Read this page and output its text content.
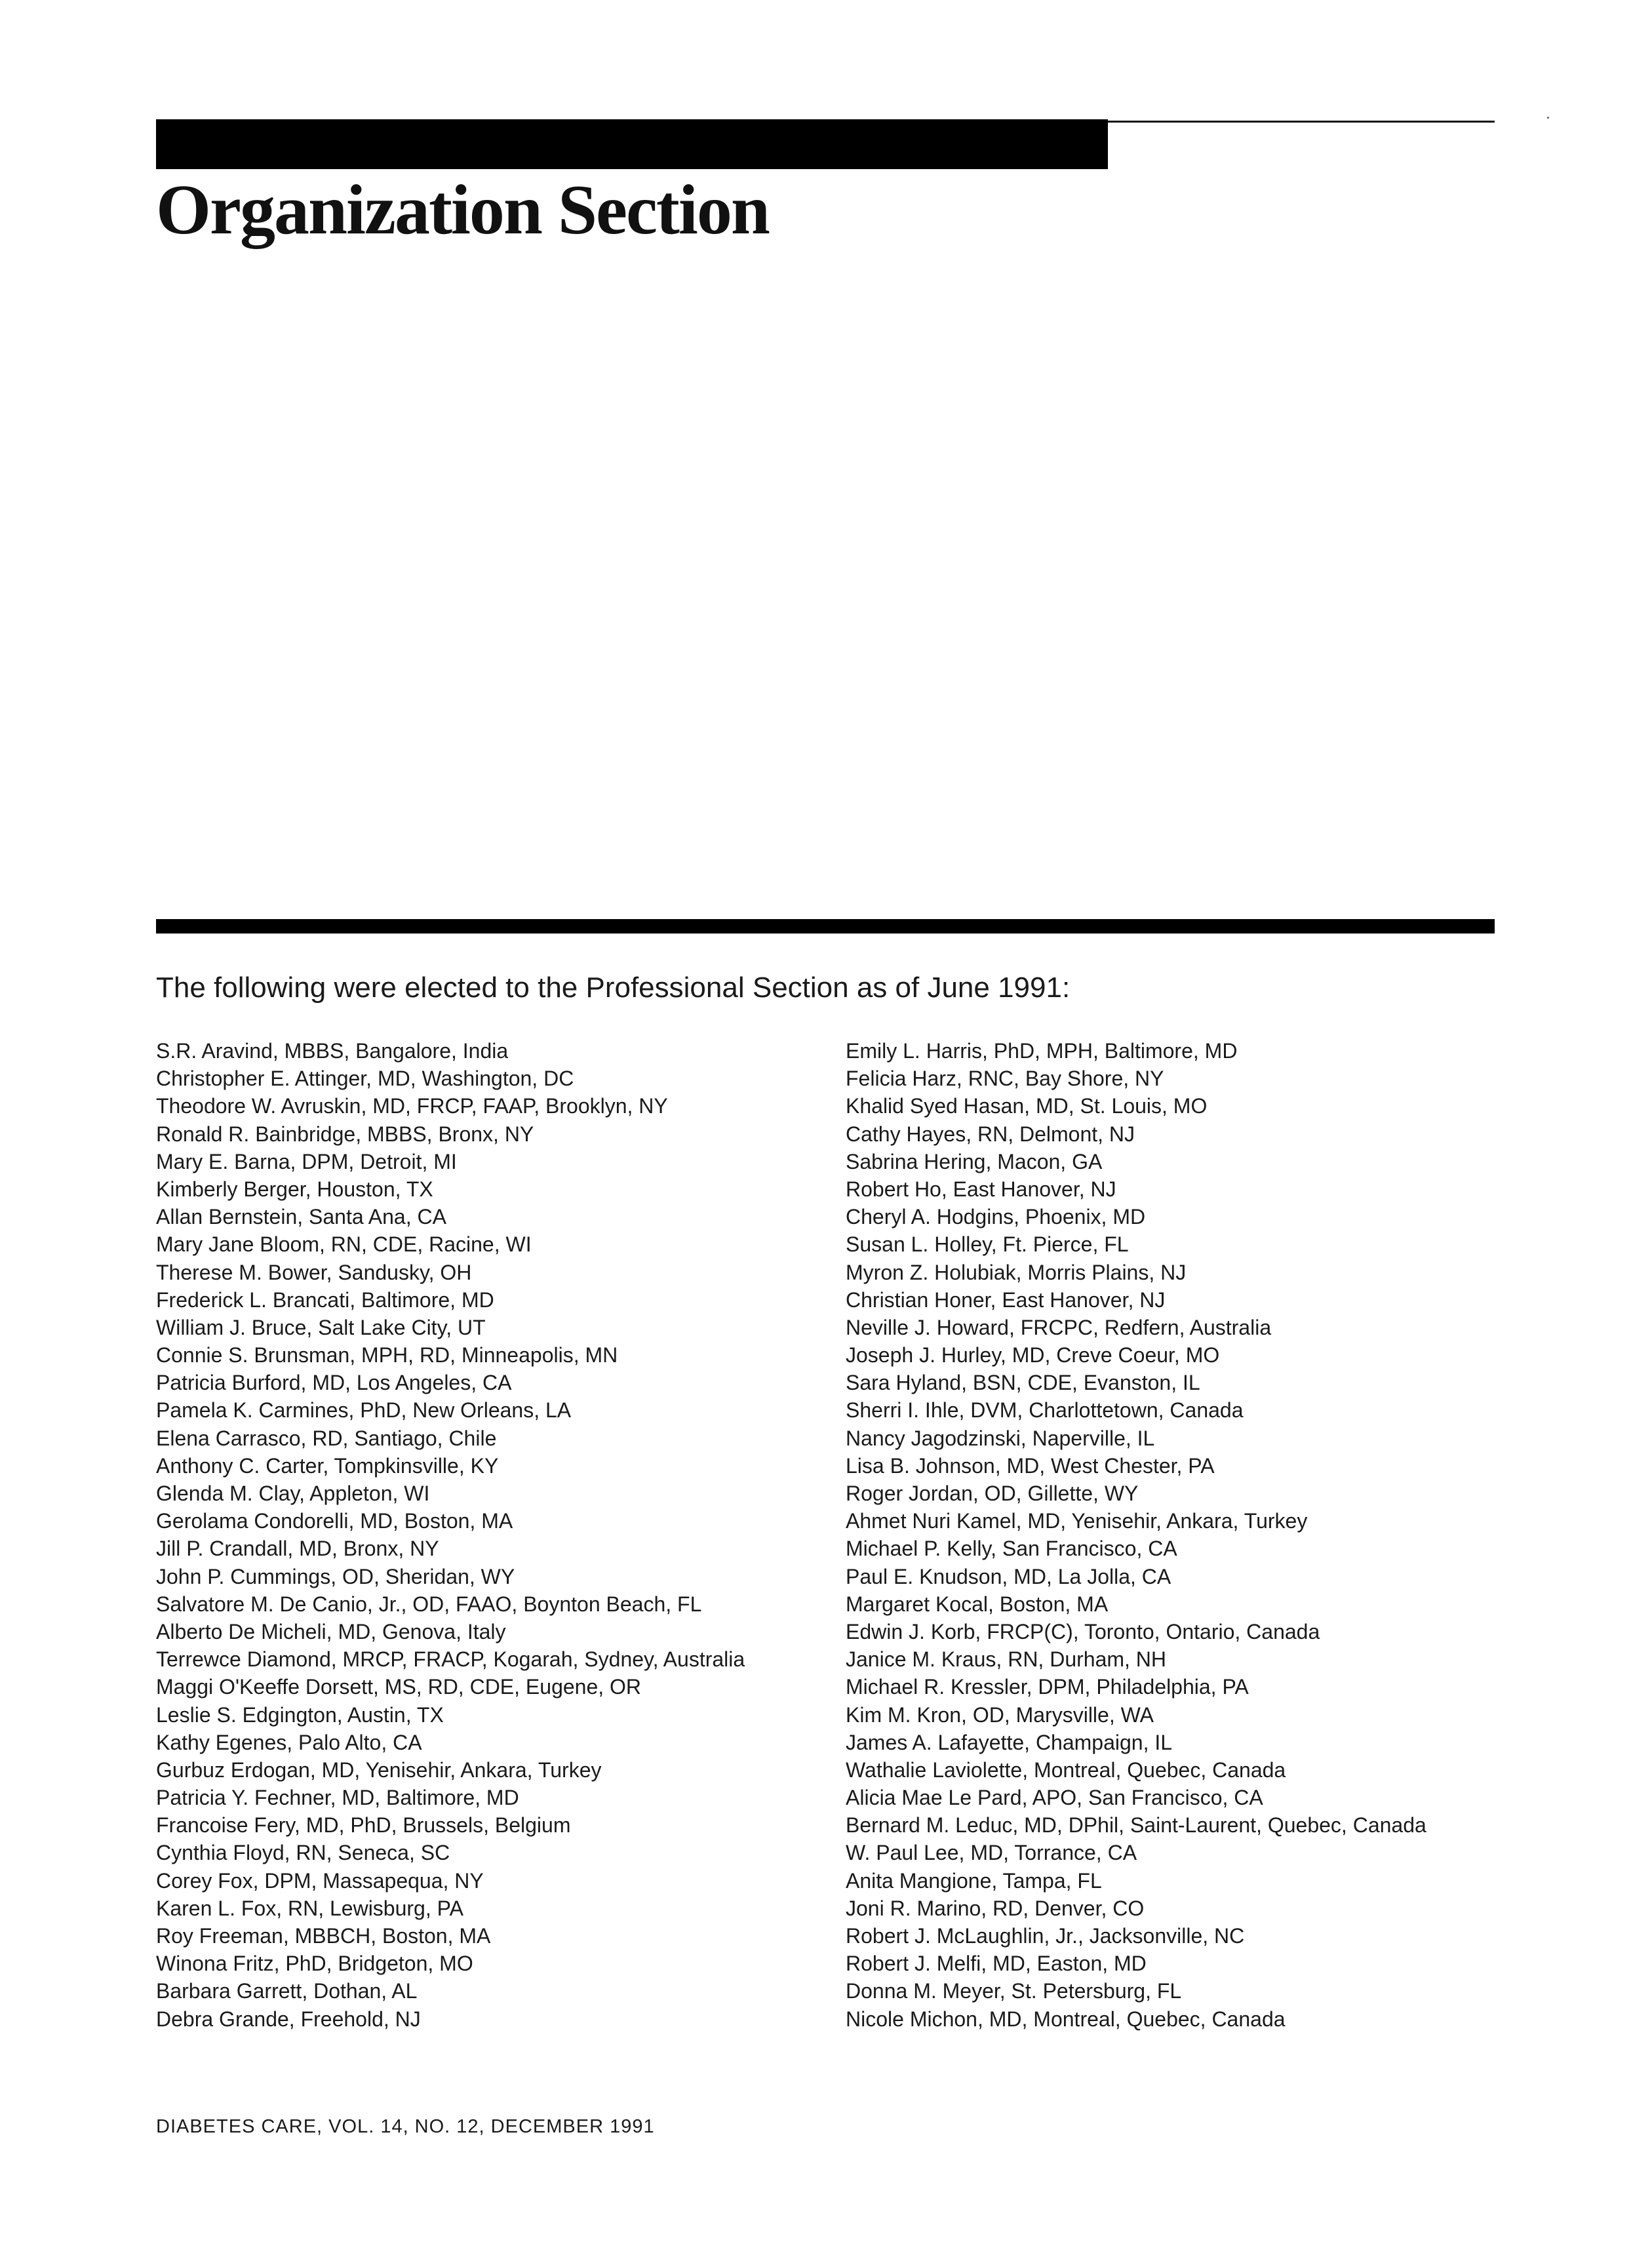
Organization Section

The following were elected to the Professional Section as of June 1991:

S.R. Aravind, MBBS, Bangalore, India
Christopher E. Attinger, MD, Washington, DC
Theodore W. Avruskin, MD, FRCP, FAAP, Brooklyn, NY
Ronald R. Bainbridge, MBBS, Bronx, NY
Mary E. Barna, DPM, Detroit, MI
Kimberly Berger, Houston, TX
Allan Bernstein, Santa Ana, CA
Mary Jane Bloom, RN, CDE, Racine, WI
Therese M. Bower, Sandusky, OH
Frederick L. Brancati, Baltimore, MD
William J. Bruce, Salt Lake City, UT
Connie S. Brunsman, MPH, RD, Minneapolis, MN
Patricia Burford, MD, Los Angeles, CA
Pamela K. Carmines, PhD, New Orleans, LA
Elena Carrasco, RD, Santiago, Chile
Anthony C. Carter, Tompkinsville, KY
Glenda M. Clay, Appleton, WI
Gerolama Condorelli, MD, Boston, MA
Jill P. Crandall, MD, Bronx, NY
John P. Cummings, OD, Sheridan, WY
Salvatore M. De Canio, Jr., OD, FAAO, Boynton Beach, FL
Alberto De Micheli, MD, Genova, Italy
Terrewce Diamond, MRCP, FRACP, Kogarah, Sydney, Australia
Maggi O'Keeffe Dorsett, MS, RD, CDE, Eugene, OR
Leslie S. Edgington, Austin, TX
Kathy Egenes, Palo Alto, CA
Gurbuz Erdogan, MD, Yenisehir, Ankara, Turkey
Patricia Y. Fechner, MD, Baltimore, MD
Francoise Fery, MD, PhD, Brussels, Belgium
Cynthia Floyd, RN, Seneca, SC
Corey Fox, DPM, Massapequa, NY
Karen L. Fox, RN, Lewisburg, PA
Roy Freeman, MBBCH, Boston, MA
Winona Fritz, PhD, Bridgeton, MO
Barbara Garrett, Dothan, AL
Debra Grande, Freehold, NJ
Emily L. Harris, PhD, MPH, Baltimore, MD
Felicia Harz, RNC, Bay Shore, NY
Khalid Syed Hasan, MD, St. Louis, MO
Cathy Hayes, RN, Delmont, NJ
Sabrina Hering, Macon, GA
Robert Ho, East Hanover, NJ
Cheryl A. Hodgins, Phoenix, MD
Susan L. Holley, Ft. Pierce, FL
Myron Z. Holubiak, Morris Plains, NJ
Christian Honer, East Hanover, NJ
Neville J. Howard, FRCPC, Redfern, Australia
Joseph J. Hurley, MD, Creve Coeur, MO
Sara Hyland, BSN, CDE, Evanston, IL
Sherri I. Ihle, DVM, Charlottetown, Canada
Nancy Jagodzinski, Naperville, IL
Lisa B. Johnson, MD, West Chester, PA
Roger Jordan, OD, Gillette, WY
Ahmet Nuri Kamel, MD, Yenisehir, Ankara, Turkey
Michael P. Kelly, San Francisco, CA
Paul E. Knudson, MD, La Jolla, CA
Margaret Kocal, Boston, MA
Edwin J. Korb, FRCP(C), Toronto, Ontario, Canada
Janice M. Kraus, RN, Durham, NH
Michael R. Kressler, DPM, Philadelphia, PA
Kim M. Kron, OD, Marysville, WA
James A. Lafayette, Champaign, IL
Wathalie Laviolette, Montreal, Quebec, Canada
Alicia Mae Le Pard, APO, San Francisco, CA
Bernard M. Leduc, MD, DPhil, Saint-Laurent, Quebec, Canada
W. Paul Lee, MD, Torrance, CA
Anita Mangione, Tampa, FL
Joni R. Marino, RD, Denver, CO
Robert J. McLaughlin, Jr., Jacksonville, NC
Robert J. Melfi, MD, Easton, MD
Donna M. Meyer, St. Petersburg, FL
Nicole Michon, MD, Montreal, Quebec, Canada

DIABETES CARE, VOL. 14, NO. 12, DECEMBER 1991
